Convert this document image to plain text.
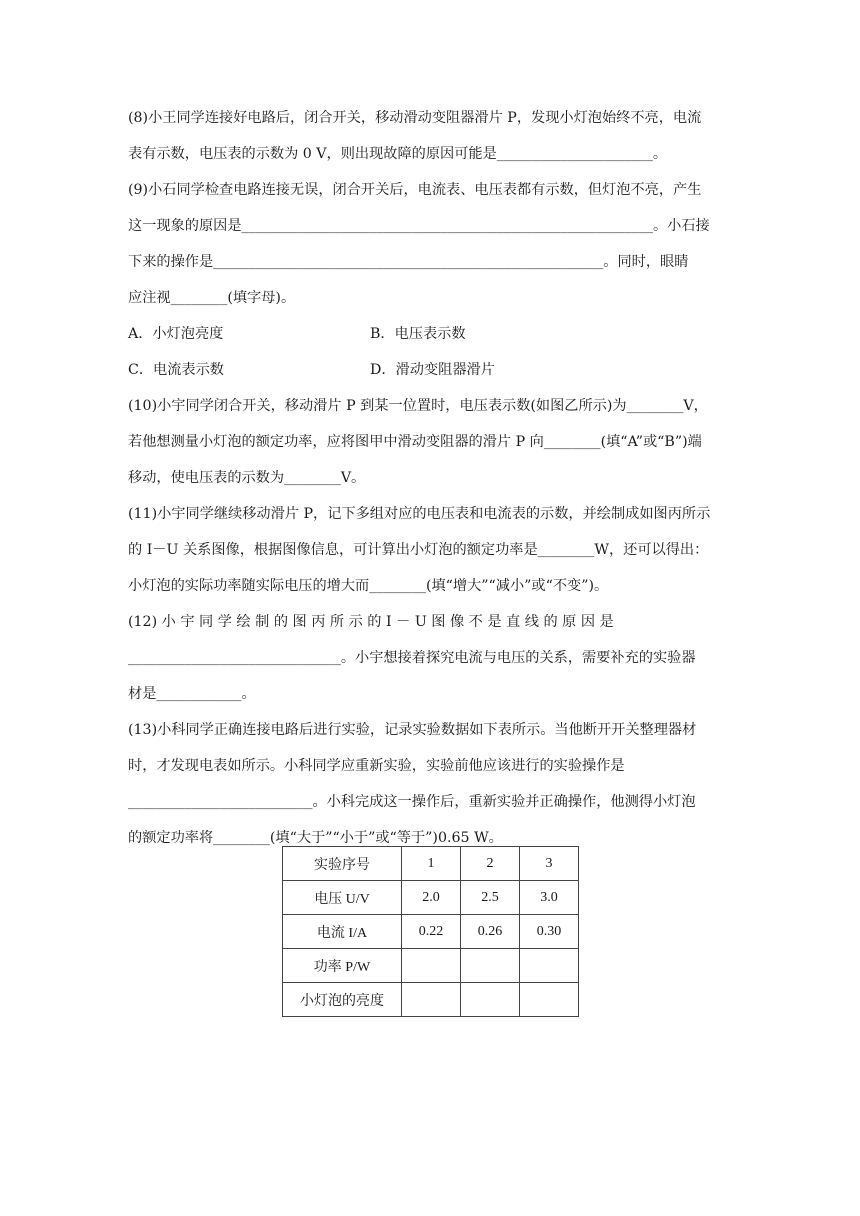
(8)小王同学连接好电路后，闭合开关，移动滑动变阻器滑片 P，发现小灯泡始终不亮，电流
表有示数，电压表的示数为 0 V，则出现故障的原因可能是______________________。
(9)小石同学检查电路连接无误，闭合开关后，电流表、电压表都有示数，但灯泡不亮，产生
这一现象的原因是__________________________________________________________。小石接
下来的操作是_______________________________________________________。同时，眼睛
应注视________(填字母)。
A．小灯泡亮度	B．电压表示数
C．电流表示数	D．滑动变阻器滑片
(10)小宇同学闭合开关，移动滑片 P 到某一位置时，电压表示数(如图乙所示)为________V，
若他想测量小灯泡的额定功率，应将图甲中滑动变阻器的滑片 P 向________(填“A”或“B”)端
移动，使电压表的示数为________V。
(11)小宇同学继续移动滑片 P，记下多组对应的电压表和电流表的示数，并绘制成如图丙所示
的 I－U 关系图像，根据图像信息，可计算出小灯泡的额定功率是________W，还可以得出：
小灯泡的实际功率随实际电压的增大而________(填“增大”“减小”或“不变”)。
(12) 小 宇 同 学 绘 制 的 图 丙 所 示 的 I － U 图 像 不 是 直 线 的 原 因 是
______________________________。小宇想接着探究电流与电压的关系，需要补充的实验器
材是____________。
(13)小科同学正确连接电路后进行实验，记录实验数据如下表所示。当他断开开关整理器材
时，才发现电表如所示。小科同学应重新实验，实验前他应该进行的实验操作是
__________________________。小科完成这一操作后，重新实验并正确操作，他测得小灯泡
的额定功率将________(填“大于”“小于”或“等于”)0.65 W。
实验序号	1	2	3
电压 U/V	2.0	2.5	3.0
电流 I/A	0.22	0.26	0.30
功率 P/W			
小灯泡的亮度			
